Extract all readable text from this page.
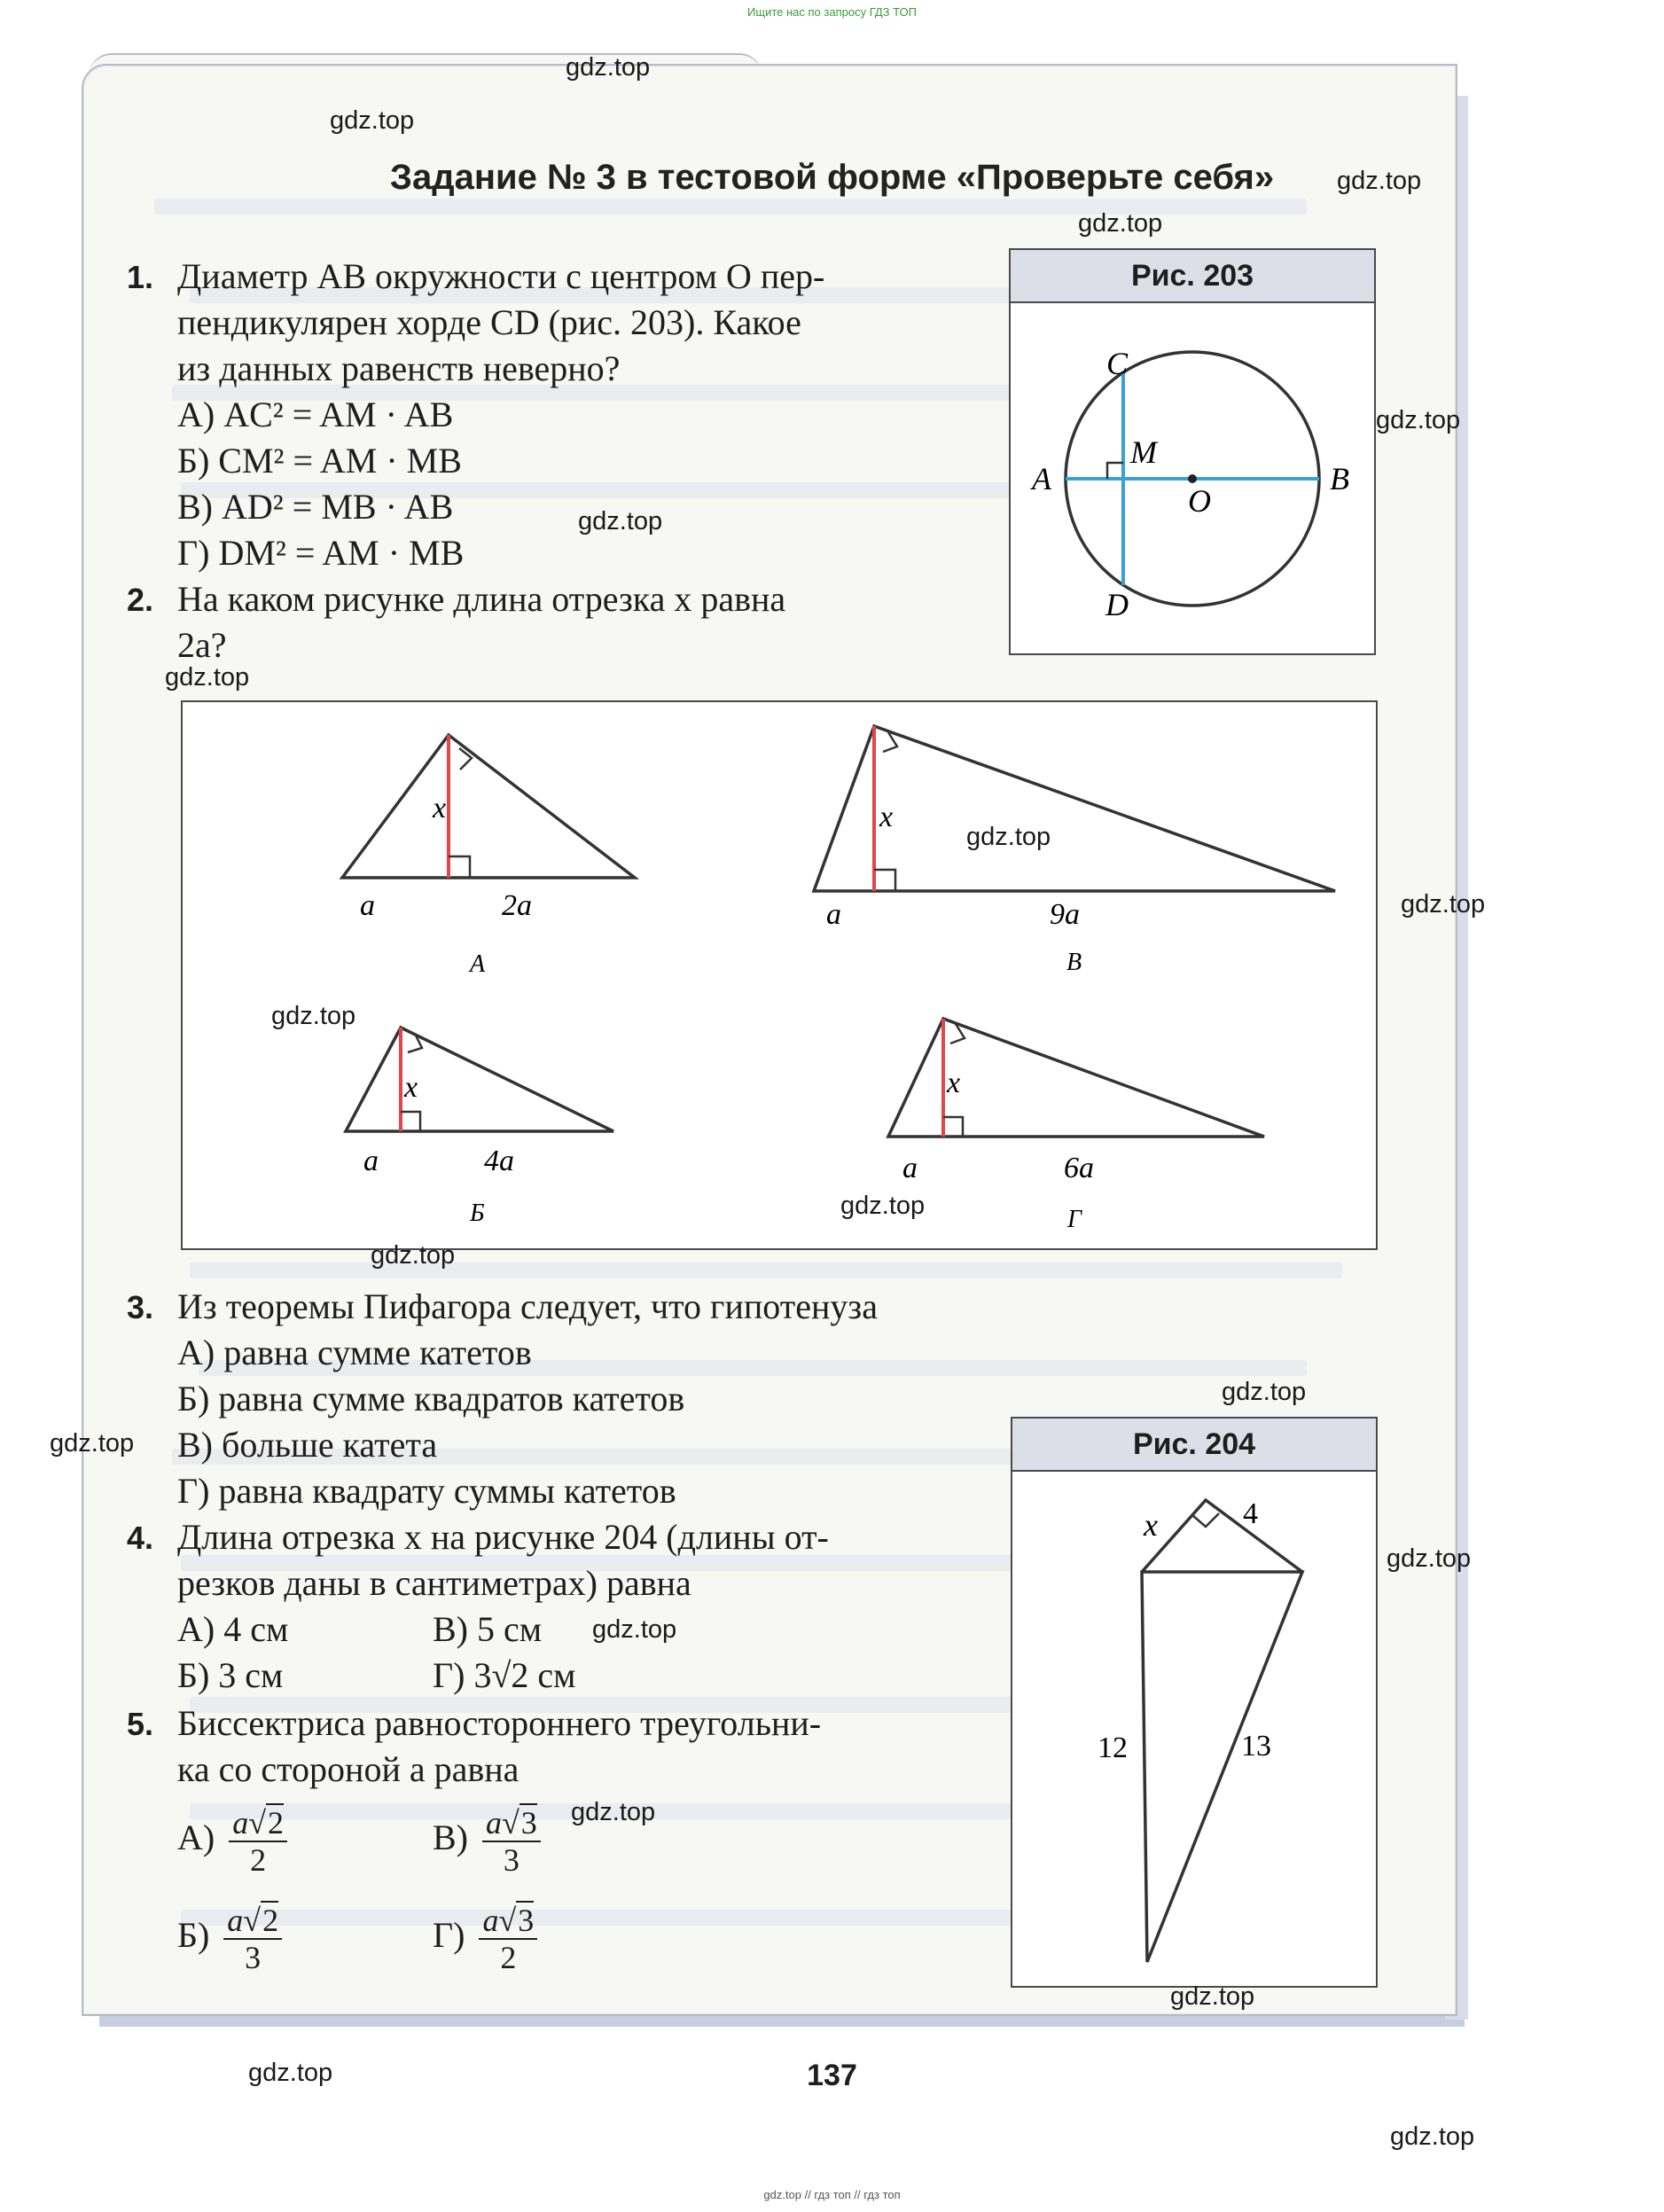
Ищите нас по запросу ГДЗ ТОП
Задание № 3 в тестовой форме «Проверьте себя»
1. Диаметр AB окружности с центром O пер-
пендикулярен хорде CD (рис. 203). Какое
из данных равенств неверно?
А) AC² = AM · AB
Б) CM² = AM · MB
В) AD² = MB · AB
Г) DM² = AM · MB
Рис. 203
C
D
A	B
M
O
2. На каком рисунке длина отрезка x равна
2a?
x
a	2a
А
x
a	9a
В
x
a	4a
Б
x
a	6a
Г
3. Из теоремы Пифагора следует, что гипотенуза
А) равна сумме катетов
Б) равна сумме квадратов катетов
В) больше катета
Г) равна квадрату суммы катетов
Рис. 204
x	4
12	13
4. Длина отрезка x на рисунке 204 (длины от-
резков даны в сантиметрах) равна
А) 4 см	В) 5 см
Б) 3 см	Г) 3√2 см
5. Биссектриса равностороннего треугольни-
ка со стороной a равна
$А) \frac{a√2}{2}$	$В) \frac{a√3}{3}$
$Б) \frac{a√2}{3}$	$Г) \frac{a√3}{2}$
137
gdz.top
gdz.top
gdz.top
gdz.top
gdz.top
gdz.top
gdz.top
gdz.top
gdz.top
gdz.top
gdz.top
gdz.top
gdz.top
gdz.top
gdz.top
gdz.top
gdz.top
gdz.top
gdz.top
gdz.top
gdz.top // гдз топ // гдз топ
